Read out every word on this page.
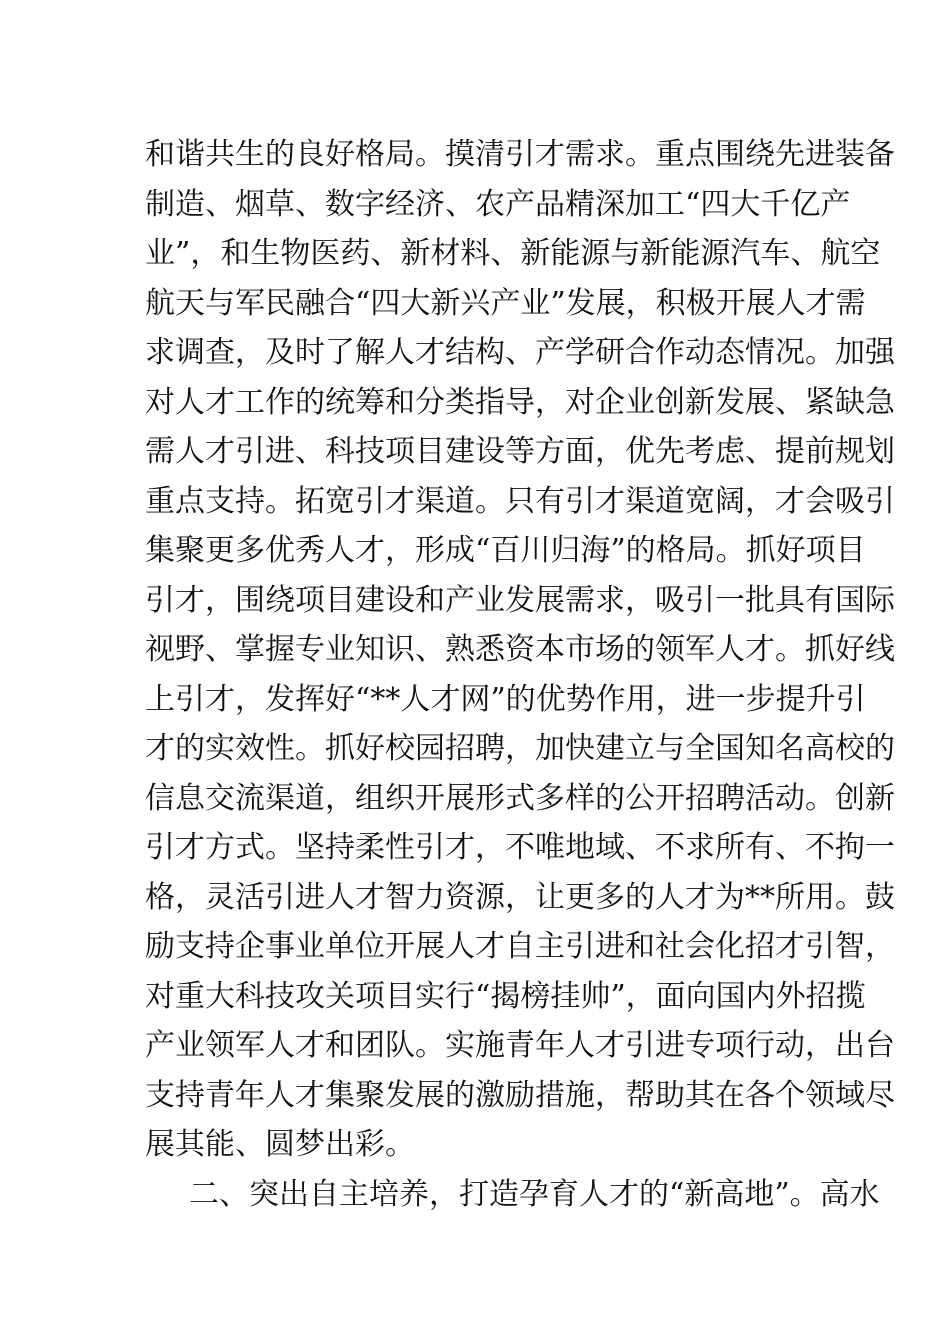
和谐共生的良好格局。摸清引才需求。重点围绕先进装备
制造、烟草、数字经济、农产品精深加工“四大千亿产
业”，和生物医药、新材料、新能源与新能源汽车、航空
航天与军民融合“四大新兴产业”发展，积极开展人才需
求调查，及时了解人才结构、产学研合作动态情况。加强
对人才工作的统筹和分类指导，对企业创新发展、紧缺急
需人才引进、科技项目建设等方面，优先考虑、提前规划
重点支持。拓宽引才渠道。只有引才渠道宽阔，才会吸引
集聚更多优秀人才，形成“百川归海”的格局。抓好项目
引才，围绕项目建设和产业发展需求，吸引一批具有国际
视野、掌握专业知识、熟悉资本市场的领军人才。抓好线
上引才，发挥好“**人才网”的优势作用，进一步提升引
才的实效性。抓好校园招聘，加快建立与全国知名高校的
信息交流渠道，组织开展形式多样的公开招聘活动。创新
引才方式。坚持柔性引才，不唯地域、不求所有、不拘一
格，灵活引进人才智力资源，让更多的人才为**所用。鼓
励支持企事业单位开展人才自主引进和社会化招才引智，
对重大科技攻关项目实行“揭榜挂帅”，面向国内外招揽
产业领军人才和团队。实施青年人才引进专项行动，出台
支持青年人才集聚发展的激励措施，帮助其在各个领域尽
展其能、圆梦出彩。
二、突出自主培养，打造孕育人才的“新高地”。高水
